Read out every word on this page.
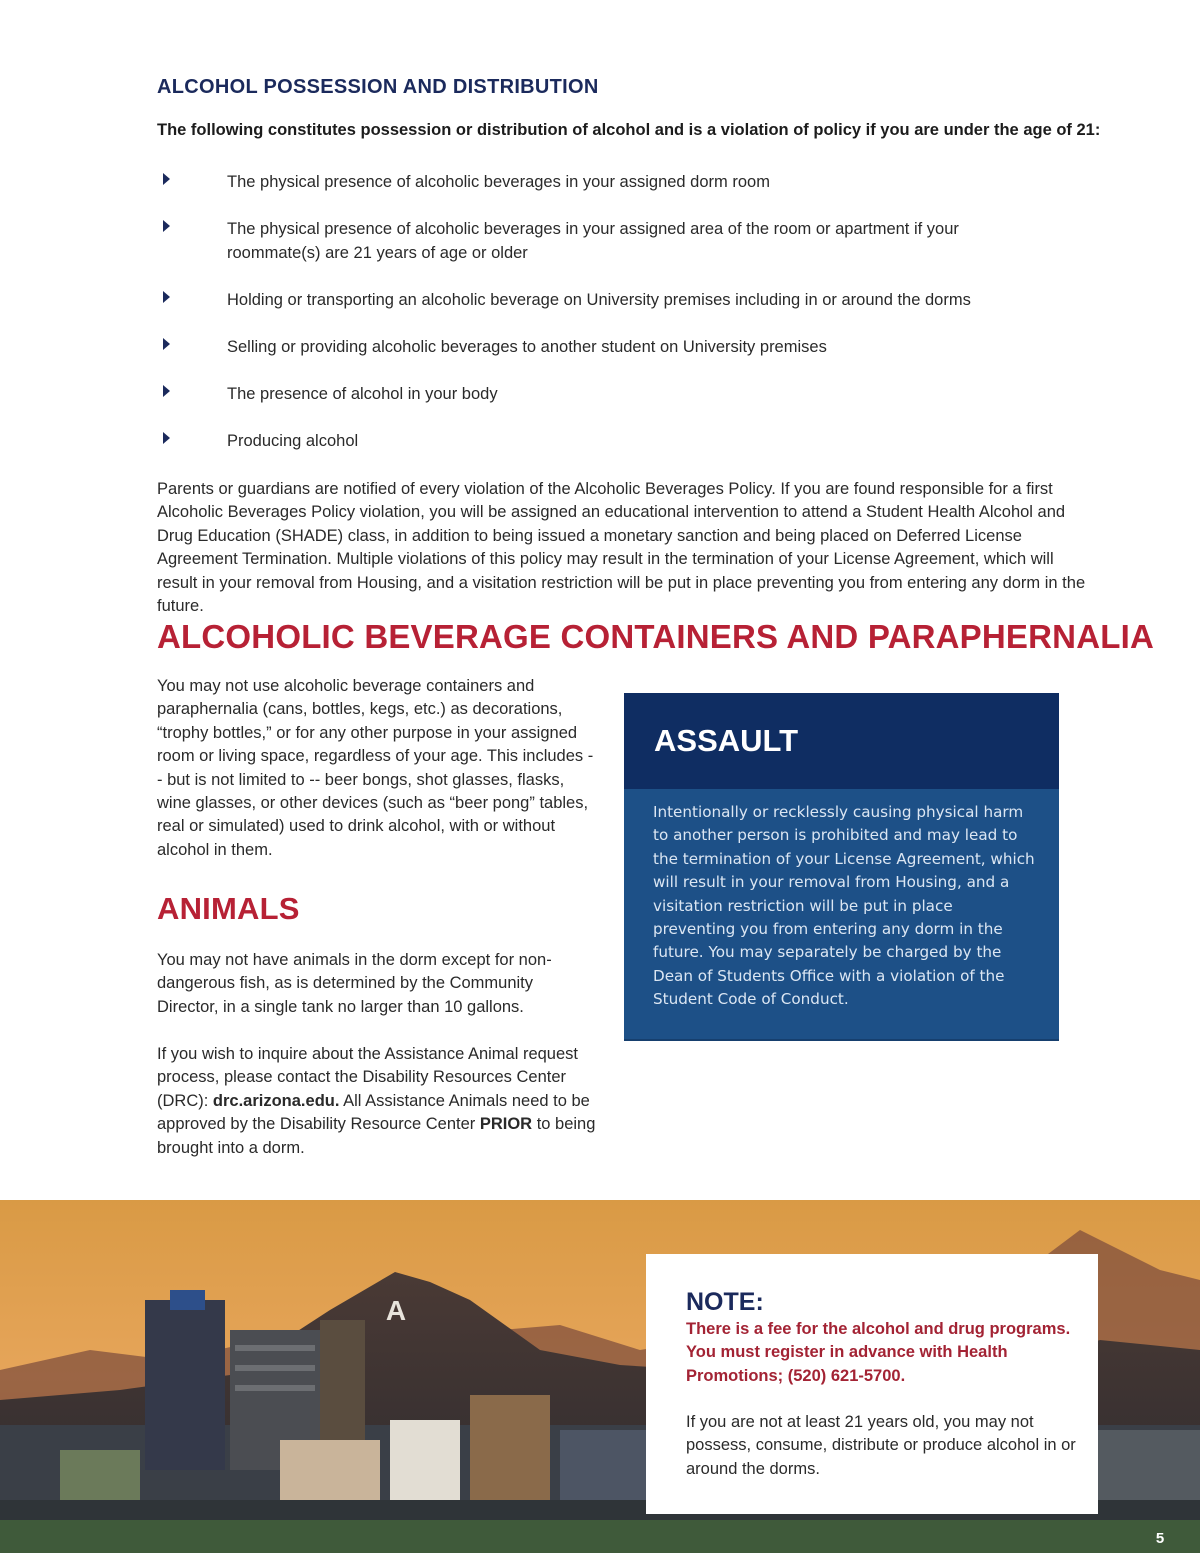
ALCOHOL POSSESSION AND DISTRIBUTION

The following constitutes possession or distribution of alcohol and is a violation of policy if you are under the age of 21:

The physical presence of alcoholic beverages in your assigned dorm room
The physical presence of alcoholic beverages in your assigned area of the room or apartment if your roommate(s) are 21 years of age or older
Holding or transporting an alcoholic beverage on University premises including in or around the dorms
Selling or providing alcoholic beverages to another student on University premises
The presence of alcohol in your body
Producing alcohol

Parents or guardians are notified of every violation of the Alcoholic Beverages Policy. If you are found responsible for a first Alcoholic Beverages Policy violation, you will be assigned an educational intervention to attend a Student Health Alcohol and Drug Education (SHADE) class, in addition to being issued a monetary sanction and being placed on Deferred License Agreement Termination. Multiple violations of this policy may result in the termination of your License Agreement, which will result in your removal from Housing, and a visitation restriction will be put in place preventing you from entering any dorm in the future.

ALCOHOLIC BEVERAGE CONTAINERS AND PARAPHERNALIA

You may not use alcoholic beverage containers and paraphernalia (cans, bottles, kegs, etc.) as decorations, “trophy bottles,” or for any other purpose in your assigned room or living space, regardless of your age. This includes -- but is not limited to -- beer bongs, shot glasses, flasks, wine glasses, or other devices (such as “beer pong” tables, real or simulated) used to drink alcohol, with or without alcohol in them.

ANIMALS

You may not have animals in the dorm except for non-dangerous fish, as is determined by the Community Director, in a single tank no larger than 10 gallons.

If you wish to inquire about the Assistance Animal request process, please contact the Disability Resources Center (DRC): drc.arizona.edu. All Assistance Animals need to be approved by the Disability Resource Center PRIOR to being brought into a dorm.

ASSAULT

Intentionally or recklessly causing physical harm to another person is prohibited and may lead to the termination of your License Agreement, which will result in your removal from Housing, and a visitation restriction will be put in place preventing you from entering any dorm in the future. You may separately be charged by the Dean of Students Office with a violation of the Student Code of Conduct.

A	NOTE:

There is a fee for the alcohol and drug programs. You must register in advance with Health Promotions; (520) 621-5700.

If you are not at least 21 years old, you may not possess, consume, distribute or produce alcohol in or around the dorms.

5
